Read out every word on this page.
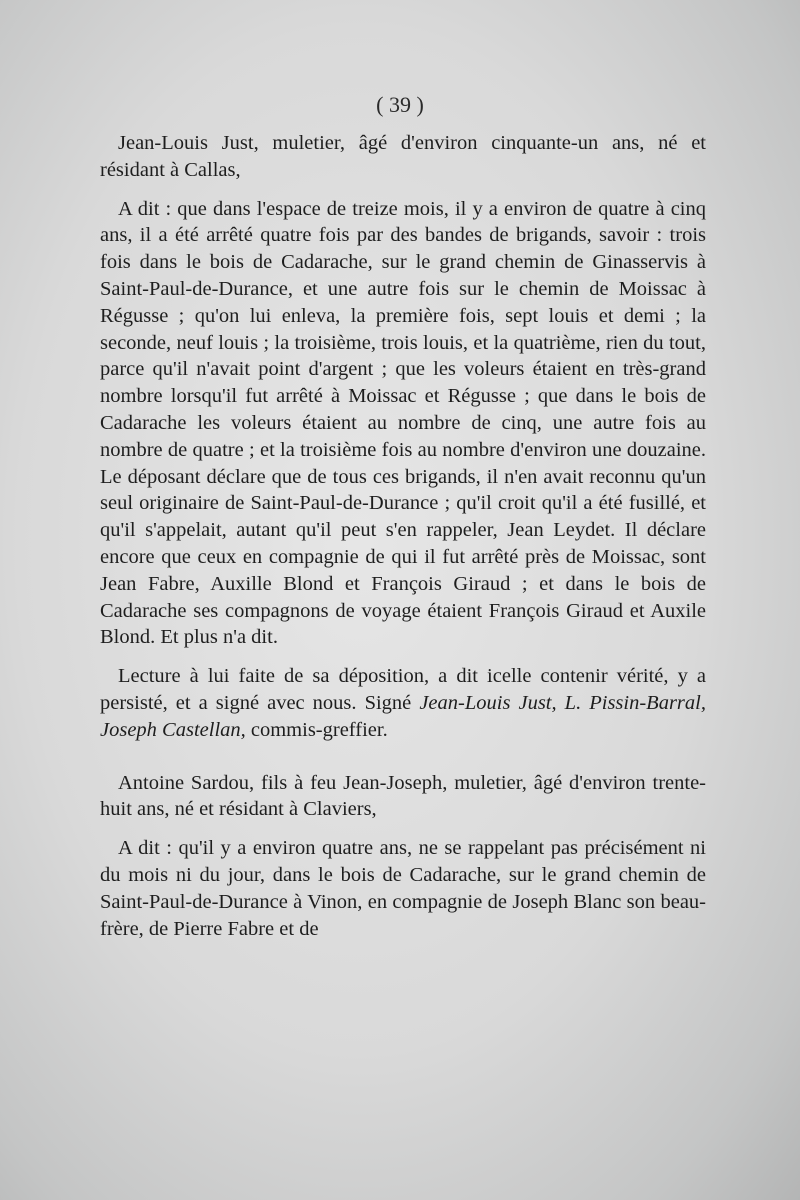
( 39 )

Jean-Louis Just, muletier, âgé d'environ cinquante-un ans, né et résidant à Callas,

A dit : que dans l'espace de treize mois, il y a environ de quatre à cinq ans, il a été arrêté quatre fois par des bandes de brigands, savoir : trois fois dans le bois de Cadarache, sur le grand chemin de Ginasservis à Saint-Paul-de-Durance, et une autre fois sur le chemin de Moissac à Régusse ; qu'on lui enleva, la première fois, sept louis et demi ; la seconde, neuf louis ; la troisième, trois louis, et la quatrième, rien du tout, parce qu'il n'avait point d'argent ; que les voleurs étaient en très-grand nombre lorsqu'il fut arrêté à Moissac et Régusse ; que dans le bois de Cadarache les voleurs étaient au nombre de cinq, une autre fois au nombre de quatre ; et la troisième fois au nombre d'environ une douzaine. Le déposant déclare que de tous ces brigands, il n'en avait reconnu qu'un seul originaire de Saint-Paul-de-Durance ; qu'il croit qu'il a été fusillé, et qu'il s'appelait, autant qu'il peut s'en rappeler, Jean Leydet. Il déclare encore que ceux en compagnie de qui il fut arrêté près de Moissac, sont Jean Fabre, Auxille Blond et François Giraud ; et dans le bois de Cadarache ses compagnons de voyage étaient François Giraud et Auxile Blond. Et plus n'a dit.

Lecture à lui faite de sa déposition, a dit icelle contenir vérité, y a persisté, et a signé avec nous. Signé Jean-Louis Just, L. Pissin-Barral, Joseph Castellan, commis-greffier.

Antoine Sardou, fils à feu Jean-Joseph, muletier, âgé d'environ trente-huit ans, né et résidant à Claviers,

A dit : qu'il y a environ quatre ans, ne se rappelant pas précisément ni du mois ni du jour, dans le bois de Cadarache, sur le grand chemin de Saint-Paul-de-Durance à Vinon, en compagnie de Joseph Blanc son beau-frère, de Pierre Fabre et de
